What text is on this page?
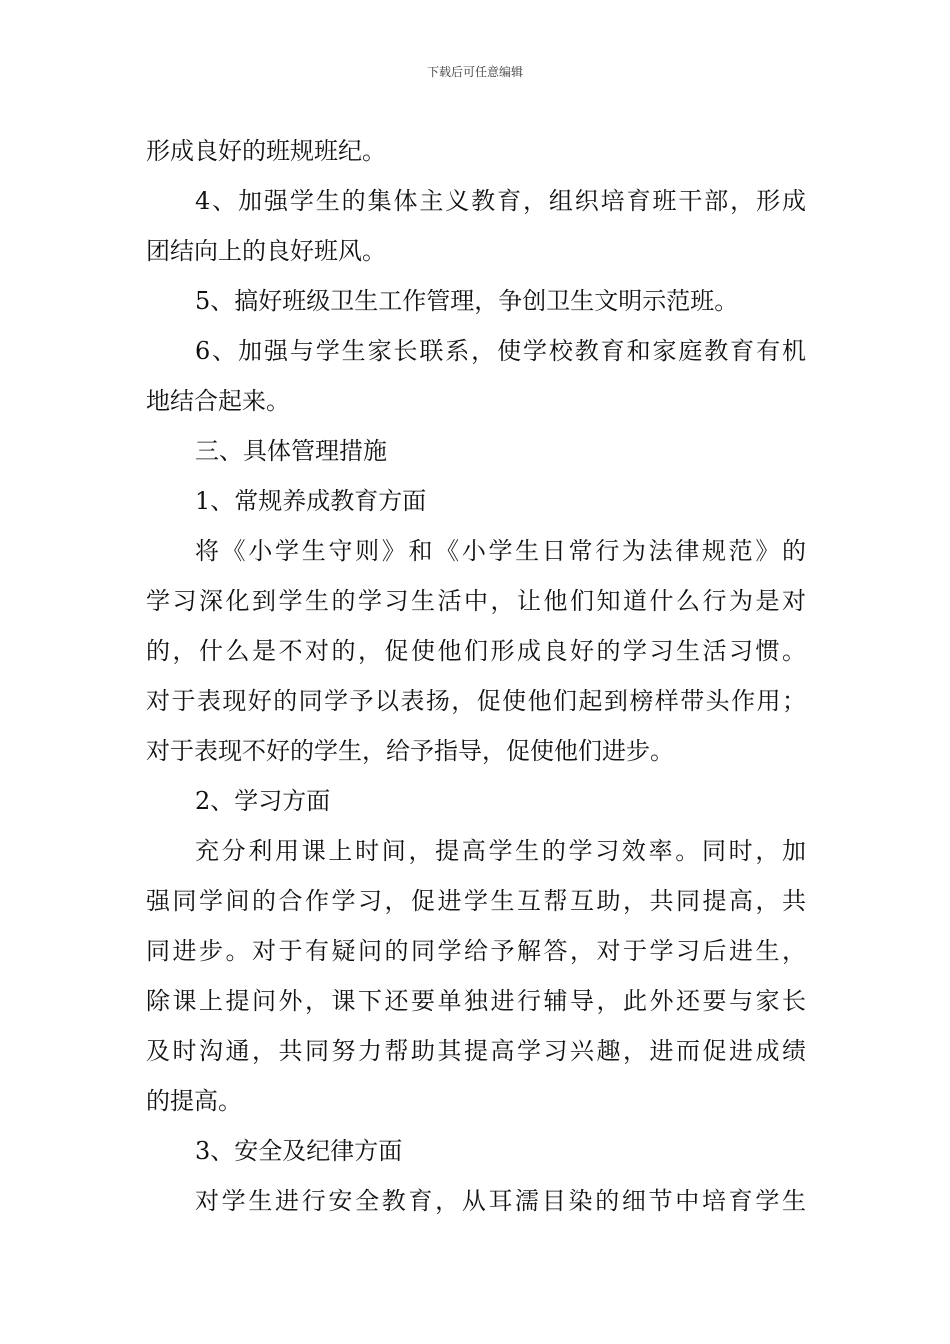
下载后可任意编辑
形成良好的班规班纪。
4、加强学生的集体主义教育，组织培育班干部，形成
团结向上的良好班风。
5、搞好班级卫生工作管理，争创卫生文明示范班。
6、加强与学生家长联系，使学校教育和家庭教育有机
地结合起来。
三、具体管理措施
1、常规养成教育方面
将《小学生守则》和《小学生日常行为法律规范》的
学习深化到学生的学习生活中，让他们知道什么行为是对
的，什么是不对的，促使他们形成良好的学习生活习惯。
对于表现好的同学予以表扬，促使他们起到榜样带头作用；
对于表现不好的学生，给予指导，促使他们进步。
2、学习方面
充分利用课上时间，提高学生的学习效率。同时，加
强同学间的合作学习，促进学生互帮互助，共同提高，共
同进步。对于有疑问的同学给予解答，对于学习后进生，
除课上提问外，课下还要单独进行辅导，此外还要与家长
及时沟通，共同努力帮助其提高学习兴趣，进而促进成绩
的提高。
3、安全及纪律方面
对学生进行安全教育，从耳濡目染的细节中培育学生
